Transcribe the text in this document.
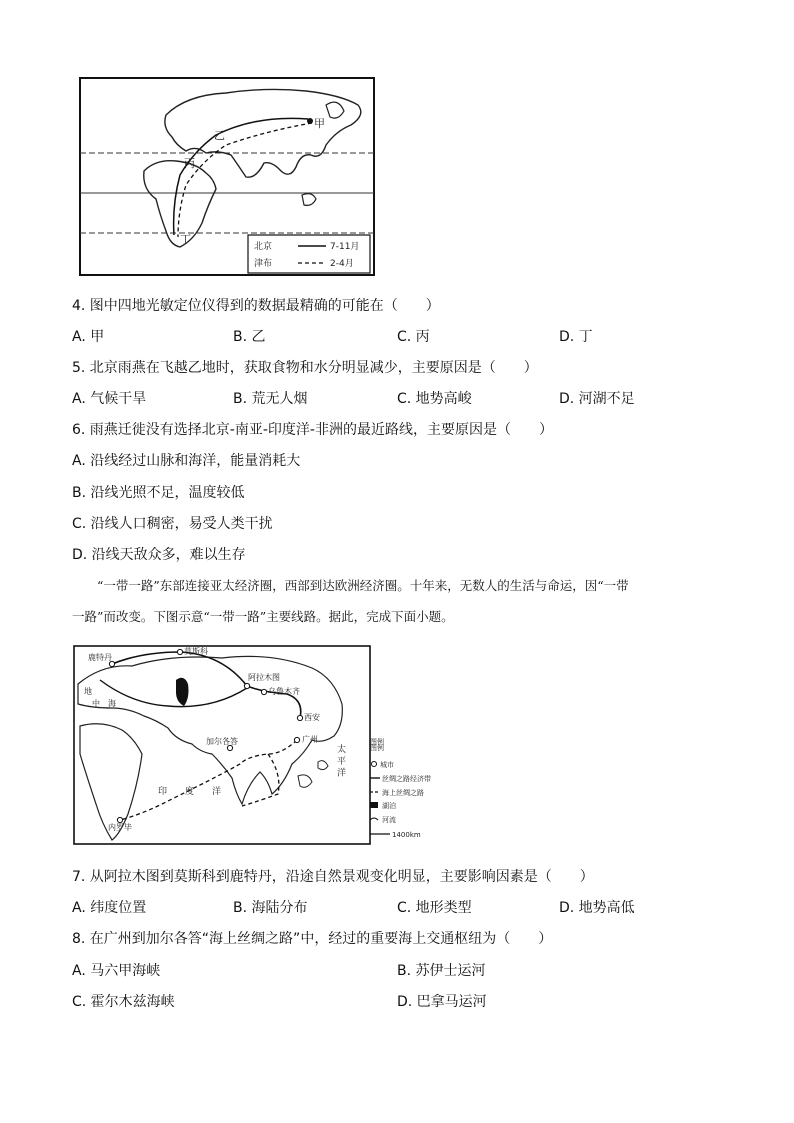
甲
乙
丙
丁
北京	7-11月
津布	2-4月
4. 图中四地光敏定位仪得到的数据最精确的可能在（　　）
A. 甲	B. 乙	C. 丙	D. 丁
5. 北京雨燕在飞越乙地时，获取食物和水分明显减少，主要原因是（　　）
A. 气候干旱	B. 荒无人烟	C. 地势高峻	D. 河湖不足
6. 雨燕迁徙没有选择北京-南亚-印度洋-非洲的最近路线，主要原因是（　　）
A. 沿线经过山脉和海洋，能量消耗大
B. 沿线光照不足，温度较低
C. 沿线人口稠密，易受人类干扰
D. 沿线天敌众多，难以生存

“一带一路”东部连接亚太经济圈，西部到达欧洲经济圈。十年来，无数人的生活与命运，因“一带

一路”而改变。下图示意“一带一路”主要线路。据此，完成下面小题。
鹿特丹
莫斯科
阿拉木图
乌鲁木齐
西安
广州
加尔各答
内罗毕
地
中　海
印　　度　　洋
太 平 洋
图例
城市
丝绸之路经济带
海上丝绸之路
湖泊
河流
1400km
图例
7. 从阿拉木图到莫斯科到鹿特丹，沿途自然景观变化明显，主要影响因素是（　　）
A. 纬度位置	B. 海陆分布	C. 地形类型	D. 地势高低
8. 在广州到加尔各答“海上丝绸之路”中，经过的重要海上交通枢纽为（　　）
A. 马六甲海峡	B. 苏伊士运河
C. 霍尔木兹海峡	D. 巴拿马运河
